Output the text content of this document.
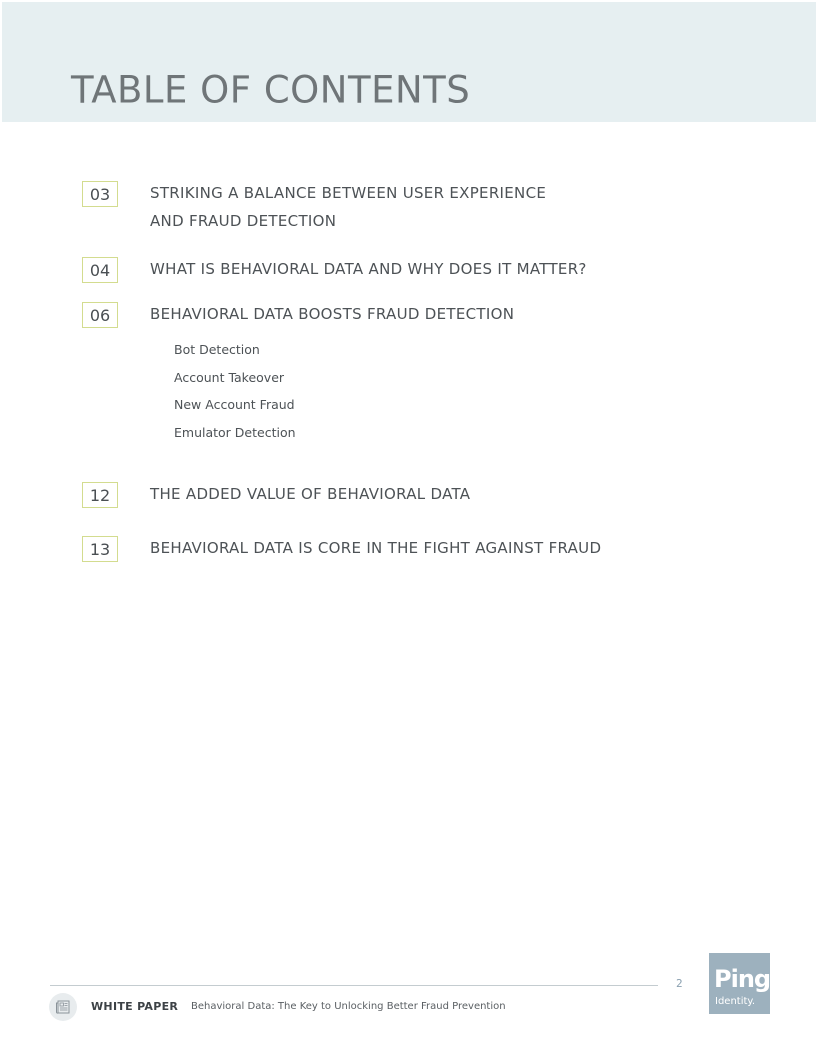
TABLE OF CONTENTS
03	STRIKING A BALANCE BETWEEN USER EXPERIENCE
AND FRAUD DETECTION
04	WHAT IS BEHAVIORAL DATA AND WHY DOES IT MATTER?
06	BEHAVIORAL DATA BOOSTS FRAUD DETECTION
Bot Detection
Account Takeover
New Account Fraud
Emulator Detection
12	THE ADDED VALUE OF BEHAVIORAL DATA
13	BEHAVIORAL DATA IS CORE IN THE FIGHT AGAINST FRAUD
WHITE PAPER Behavioral Data: The Key to Unlocking Better Fraud Prevention
2 Ping
Identity.
